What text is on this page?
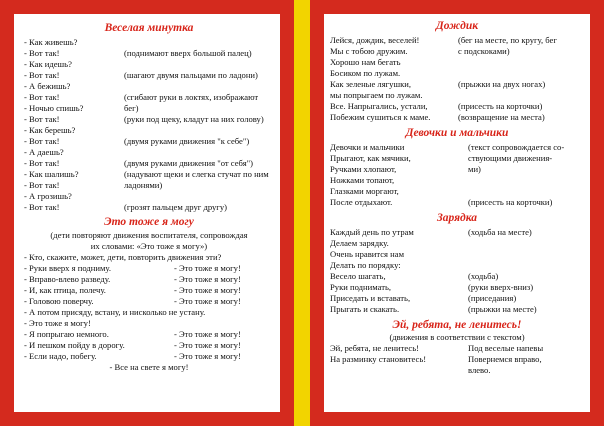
Веселая минутка
- Как живешь?
- Вот так!	(поднимают вверх большой палец)
- Как идешь?
- Вот так!	(шагают двумя пальцами по ладони)
- А бежишь?
- Вот так!	(сгибают руки в локтях, изображают
- Ночью спишь?	бег)
- Вот так!	(руки под щеку, кладут на них голову)
- Как берешь?
- Вот так!	(двумя руками движения "к себе")
- А даешь?
- Вот так!	(двумя руками движения "от себя")
- Как шалишь?	(надувают щеки и слегка стучат по ним
- Вот так!	ладонями)
- А грозишь?
- Вот так!	(грозят пальцем друг другу)
Это тоже я могу
(дети повторяют движения воспитателя, сопровождая
их словами: «Это тоже я могу»)
- Кто, скажите, может, дети, повторить движения эти?
- Руки вверх я подниму.	- Это тоже я могу!
- Вправо-влево разведу.	- Это тоже я могу!
- И, как птица, полечу.	- Это тоже я могу!
- Головою поверчу.	- Это тоже я могу!
- А потом присяду, встану, и нисколько не устану.
- Это тоже я могу!
- Я попрыгаю немного.	- Это тоже я могу!
- И пешком пойду в дорогу.	- Это тоже я могу!
- Если надо, побегу.	- Это тоже я могу!
- Все на свете я могу!
Дождик
Лейся, дождик, веселей!	(бег на месте, по кругу, бег
Мы с тобою дружим.	с подскоками)
Хорошо нам бегать
Босиком по лужам.
Как зеленые лягушки,	(прыжки на двух ногах)
мы попрыгаем по лужам.
Все. Напрыгались, устали,	(присесть на корточки)
Побежим сушиться к маме.	(возвращение на места)
Девочки и мальчики
Девочки и мальчики	(текст сопровождается со-
Прыгают, как мячики,	ствующими движения-
Ручками хлопают,	ми)
Ножками топают,
Глазками моргают,
После отдыхают.	(присесть на корточки)
Зарядка
Каждый день по утрам	(ходьба на месте)
Делаем зарядку.
Очень нравится нам
Делать по порядку:
Весело шагать,	(ходьба)
Руки поднимать,	(руки вверх-вниз)
Приседать и вставать,	(приседания)
Прыгать и скакать.	(прыжки на месте)
Эй, ребята, не ленитесь!
(движения в соответствии с текстом)
Эй, ребята, не ленитесь!	Под веселые напевы
На разминку становитесь!	Повернемся вправо,
влево.
